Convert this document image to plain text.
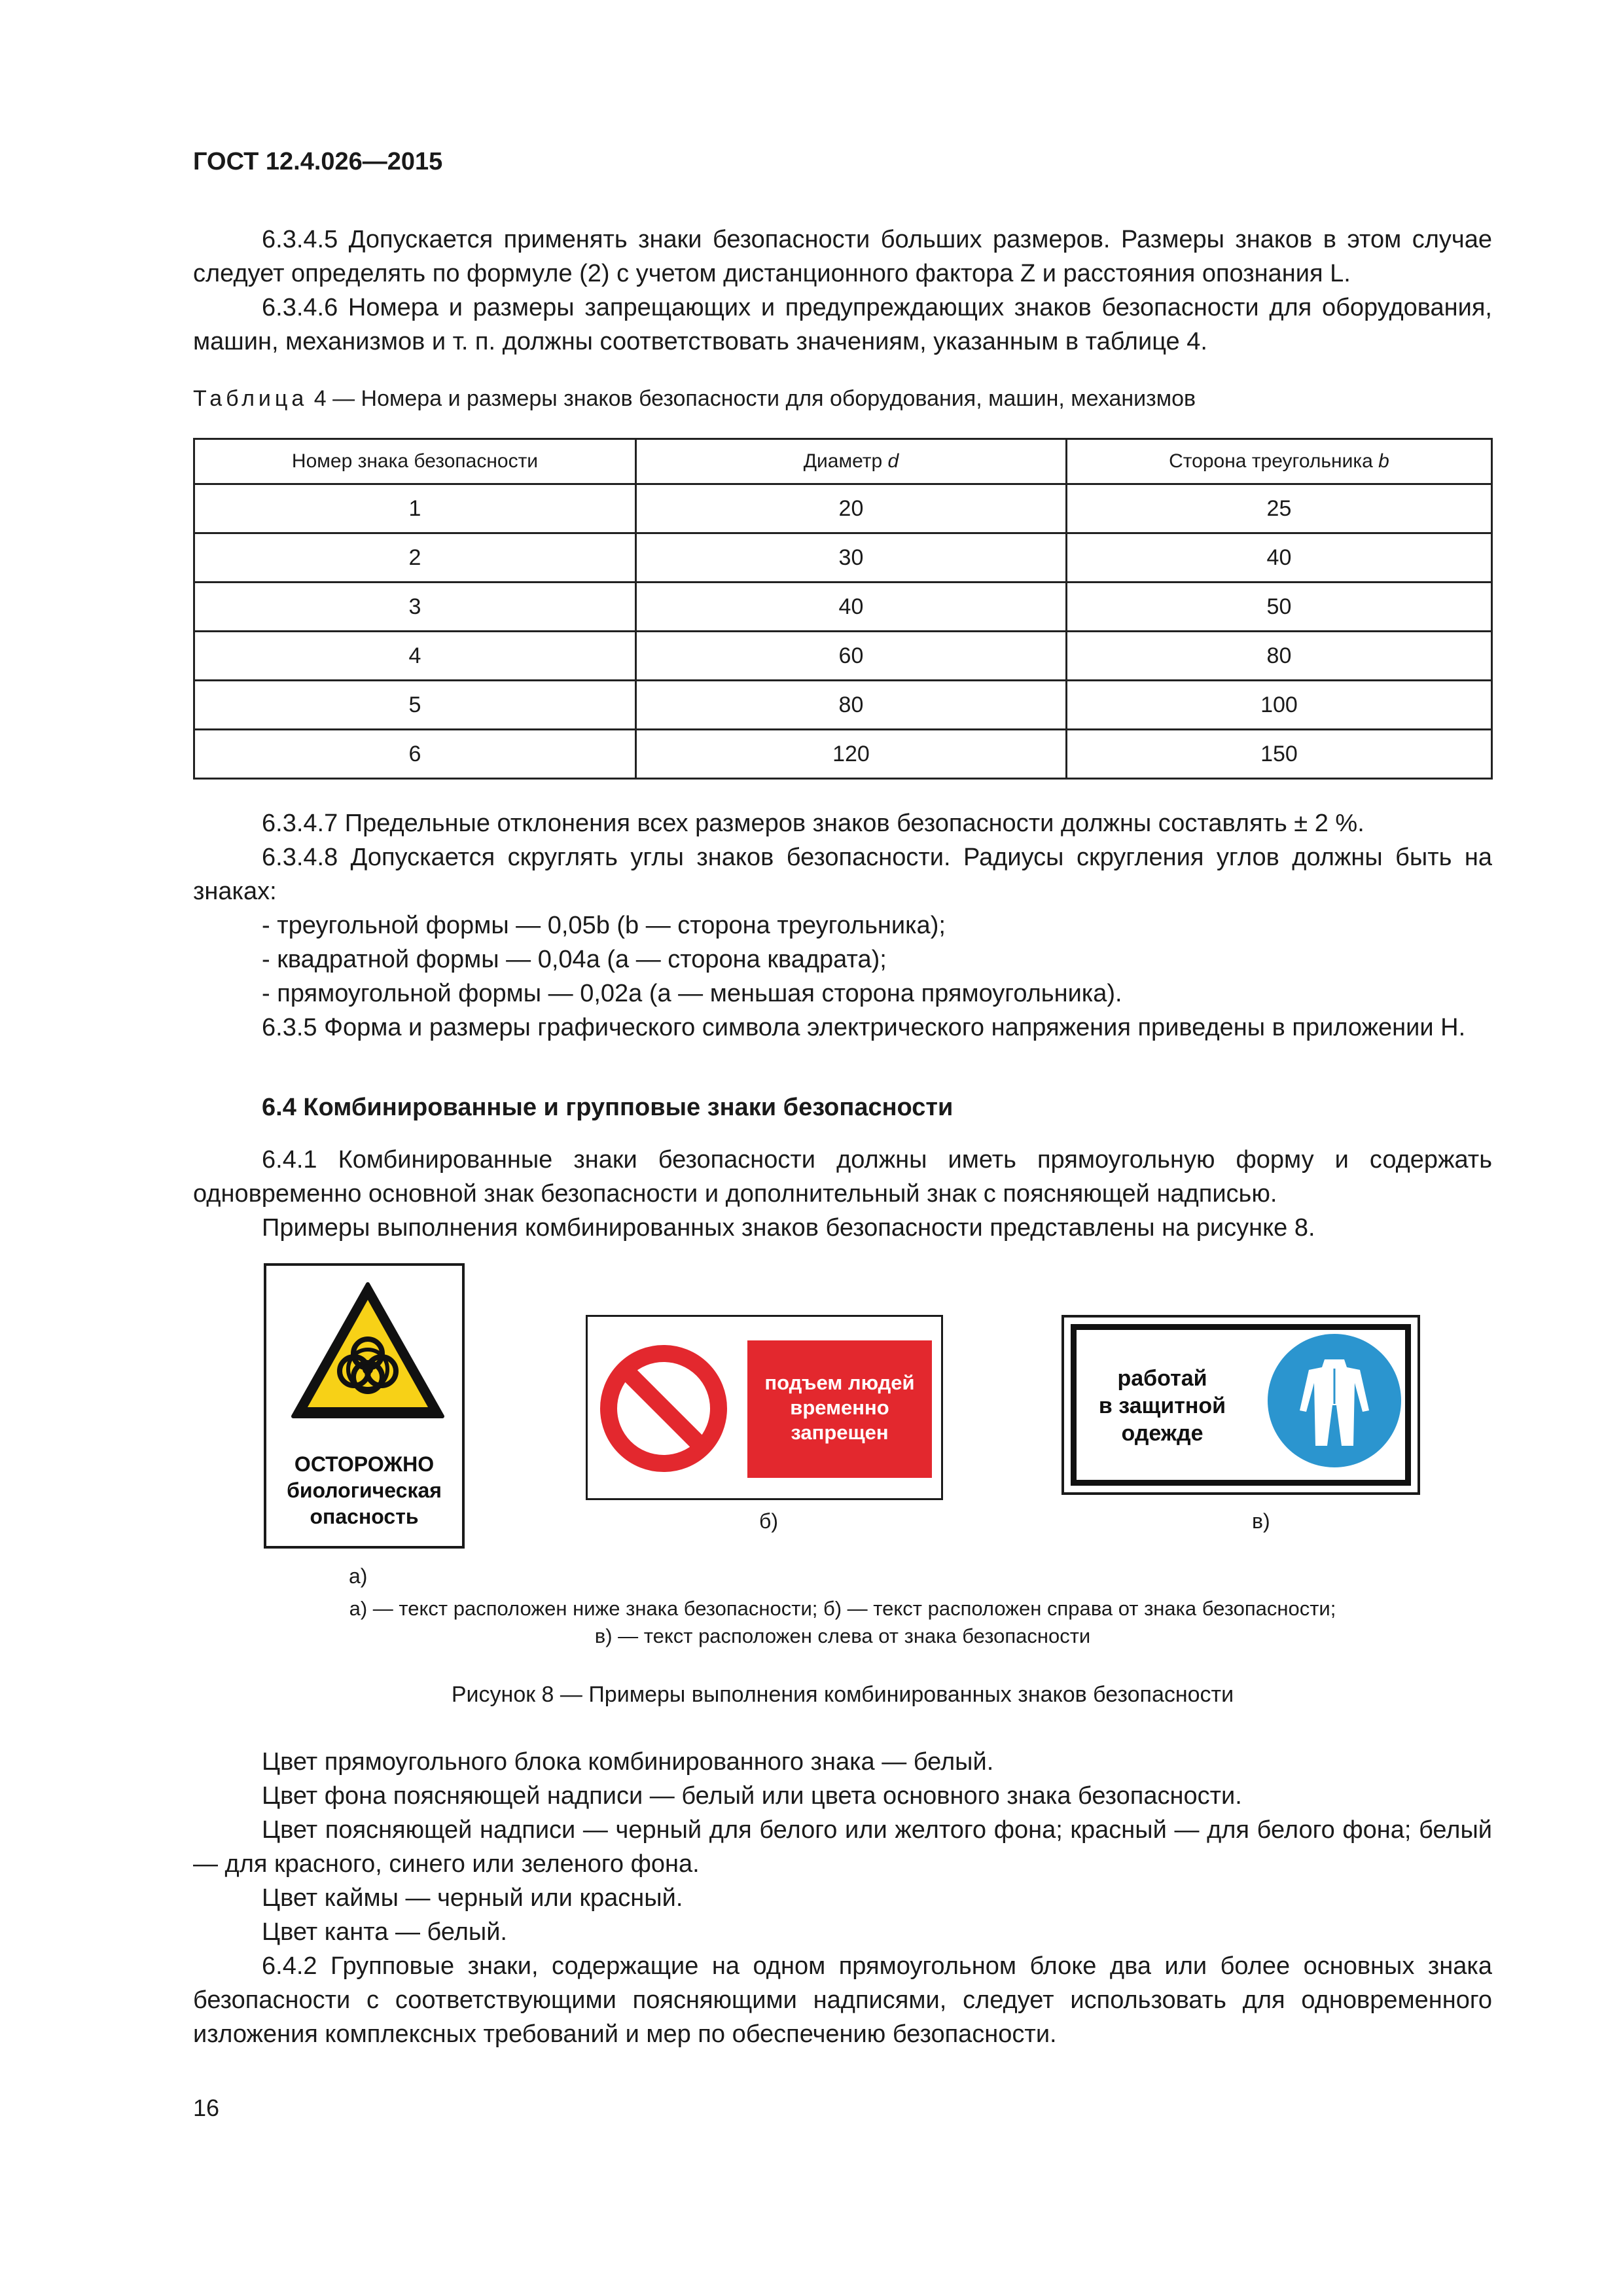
ГОСТ 12.4.026—2015
6.3.4.5 Допускается применять знаки безопасности больших размеров. Размеры знаков в этом случае следует определять по формуле (2) с учетом дистанционного фактора Z и расстояния опознания L.
6.3.4.6 Номера и размеры запрещающих и предупреждающих знаков безопасности для оборудования, машин, механизмов и т. п. должны соответствовать значениям, указанным в таблице 4.
Таблица 4 — Номера и размеры знаков безопасности для оборудования, машин, механизмов
Номер знака безопасности	Диаметр d	Сторона треугольника b
1	20	25
2	30	40
3	40	50
4	60	80
5	80	100
6	120	150
6.3.4.7 Предельные отклонения всех размеров знаков безопасности должны составлять ± 2 %.
6.3.4.8 Допускается скруглять углы знаков безопасности. Радиусы скругления углов должны быть на знаках:
- треугольной формы — 0,05b (b — сторона треугольника);
- квадратной формы — 0,04a (a — сторона квадрата);
- прямоугольной формы — 0,02a (a — меньшая сторона прямоугольника).
6.3.5 Форма и размеры графического символа электрического напряжения приведены в приложении Н.
6.4 Комбинированные и групповые знаки безопасности
6.4.1 Комбинированные знаки безопасности должны иметь прямоугольную форму и содержать одновременно основной знак безопасности и дополнительный знак с поясняющей надписью.
Примеры выполнения комбинированных знаков безопасности представлены на рисунке 8.
ОСТОРОЖНО
биологическая
опасность
а)
подъем людей
временно
запрещен
б)
работай
в защитной
одежде
в)
а) — текст расположен ниже знака безопасности; б) — текст расположен справа от знака безопасности;
в) — текст расположен слева от знака безопасности
Рисунок 8 — Примеры выполнения комбинированных знаков безопасности
Цвет прямоугольного блока комбинированного знака — белый.
Цвет фона поясняющей надписи — белый или цвета основного знака безопасности.
Цвет поясняющей надписи — черный для белого или желтого фона; красный — для белого фона; белый — для красного, синего или зеленого фона.
Цвет каймы — черный или красный.
Цвет канта — белый.
6.4.2 Групповые знаки, содержащие на одном прямоугольном блоке два или более основных знака безопасности с соответствующими поясняющими надписями, следует использовать для одновременного изложения комплексных требований и мер по обеспечению безопасности.
16
